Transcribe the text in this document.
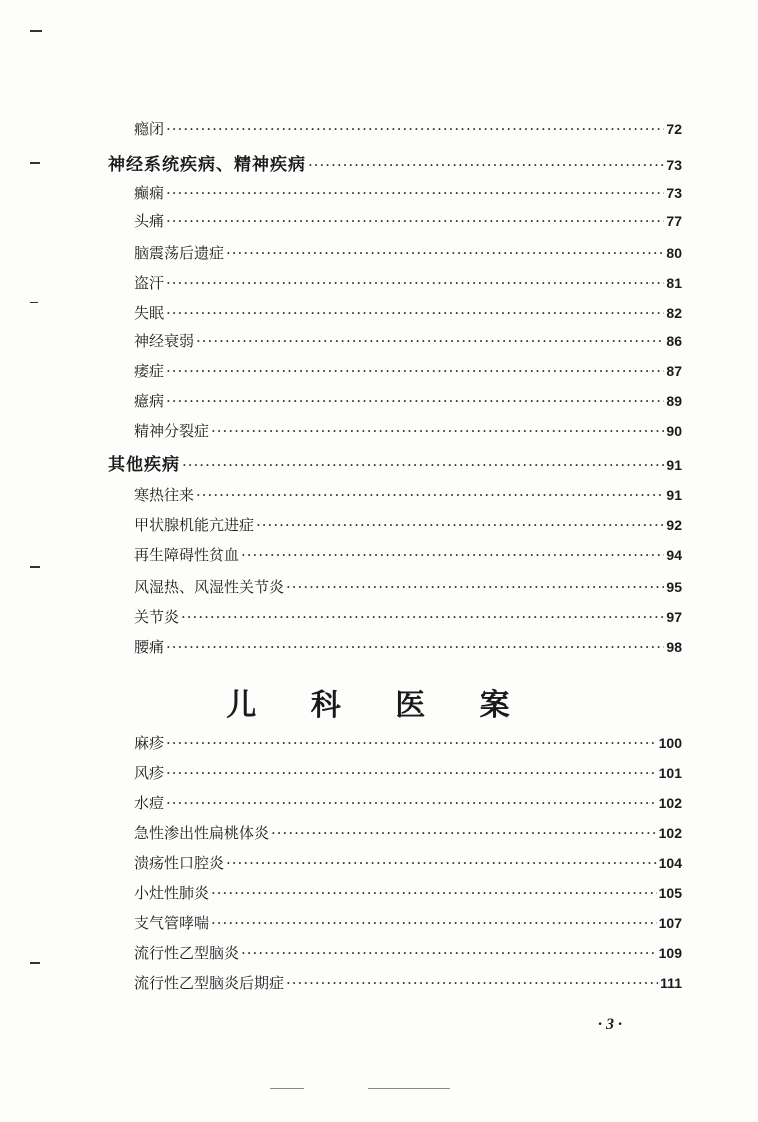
瘾闭 ·····	72
神经系统疾病、精神疾病 ·····	73
癫痫 ·····	73
头痛 ·····	77
脑震荡后遗症 ·····	80
盗汗 ·····	81
失眠 ·····	82
神经衰弱 ·····	86
痿症 ·····	87
癔病 ·····	89
精神分裂症 ·····	90
其他疾病 ·····	91
寒热往来 ·····	91
甲状腺机能亢进症 ·····	92
再生障碍性贫血 ·····	94
风湿热、风湿性关节炎 ·····	95
关节炎 ·····	97
腰痛 ·····	98
儿 科 医 案
麻疹 ·····	100
风疹 ·····	101
水痘 ·····	102
急性渗出性扁桃体炎 ·····	102
溃疡性口腔炎 ·····	104
小灶性肺炎 ·····	105
支气管哮喘 ·····	107
流行性乙型脑炎 ·····	109
流行性乙型脑炎后期症 ·····	111
· 3 ·
